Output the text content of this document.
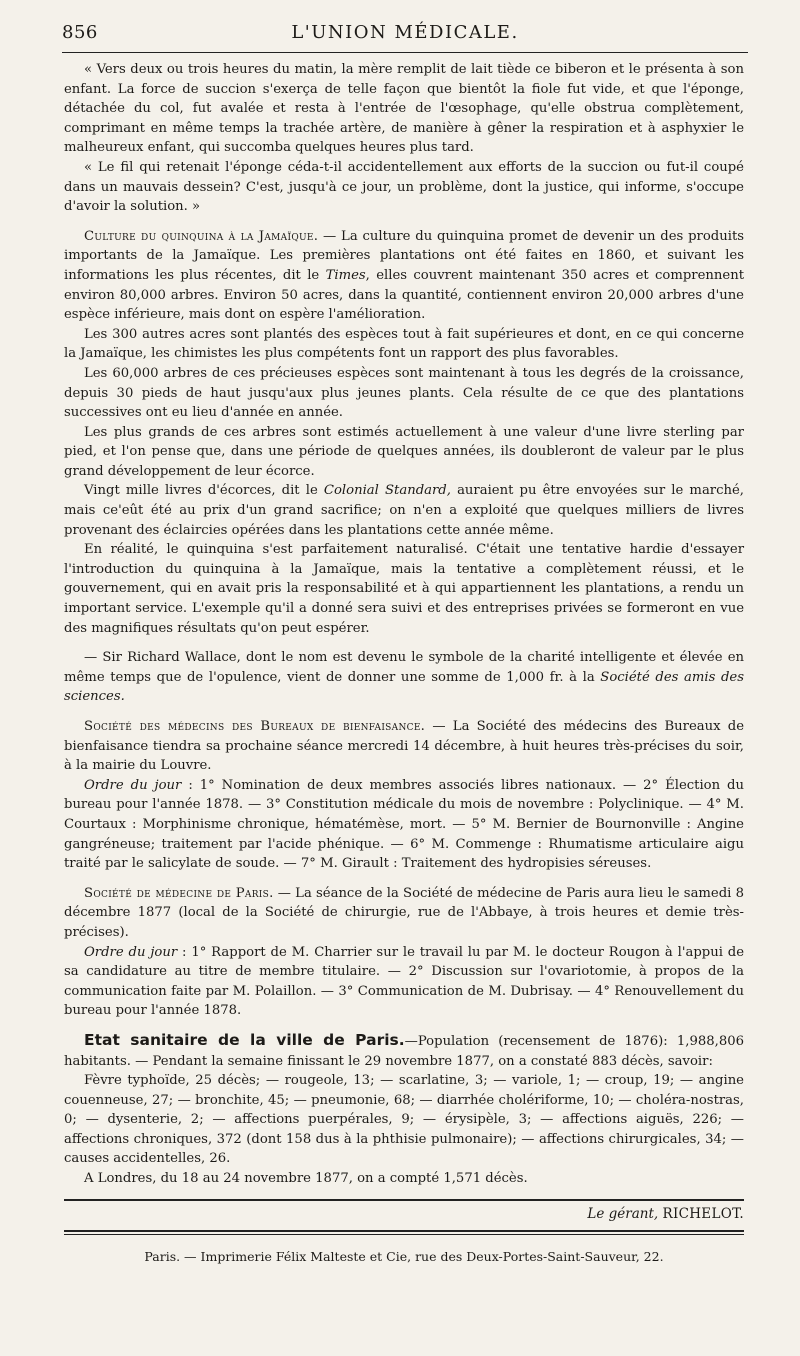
856	L'UNION MÉDICALE.

« Vers deux ou trois heures du matin, la mère remplit de lait tiède ce biberon et le présenta à son enfant. La force de succion s'exerça de telle façon que bientôt la fiole fut vide, et que l'éponge, détachée du col, fut avalée et resta à l'entrée de l'œsophage, qu'elle obstrua complètement, comprimant en même temps la trachée artère, de manière à gêner la respiration et à asphyxier le malheureux enfant, qui succomba quelques heures plus tard.

« Le fil qui retenait l'éponge céda-t-il accidentellement aux efforts de la succion ou fut-il coupé dans un mauvais dessein? C'est, jusqu'à ce jour, un problème, dont la justice, qui informe, s'occupe d'avoir la solution. »

Culture du quinquina à la Jamaïque. — La culture du quinquina promet de devenir un des produits importants de la Jamaïque. Les premières plantations ont été faites en 1860, et suivant les informations les plus récentes, dit le Times, elles couvrent maintenant 350 acres et comprennent environ 80,000 arbres. Environ 50 acres, dans la quantité, contiennent environ 20,000 arbres d'une espèce inférieure, mais dont on espère l'amélioration.

Les 300 autres acres sont plantés des espèces tout à fait supérieures et dont, en ce qui concerne la Jamaïque, les chimistes les plus compétents font un rapport des plus favorables.

Les 60,000 arbres de ces précieuses espèces sont maintenant à tous les degrés de la croissance, depuis 30 pieds de haut jusqu'aux plus jeunes plants. Cela résulte de ce que des plantations successives ont eu lieu d'année en année.

Les plus grands de ces arbres sont estimés actuellement à une valeur d'une livre sterling par pied, et l'on pense que, dans une période de quelques années, ils doubleront de valeur par le plus grand développement de leur écorce.

Vingt mille livres d'écorces, dit le Colonial Standard, auraient pu être envoyées sur le marché, mais ce'eût été au prix d'un grand sacrifice; on n'en a exploité que quelques milliers de livres provenant des éclaircies opérées dans les plantations cette année même.

En réalité, le quinquina s'est parfaitement naturalisé. C'était une tentative hardie d'essayer l'introduction du quinquina à la Jamaïque, mais la tentative a complètement réussi, et le gouvernement, qui en avait pris la responsabilité et à qui appartiennent les plantations, a rendu un important service. L'exemple qu'il a donné sera suivi et des entreprises privées se formeront en vue des magnifiques résultats qu'on peut espérer.

— Sir Richard Wallace, dont le nom est devenu le symbole de la charité intelligente et élevée en même temps que de l'opulence, vient de donner une somme de 1,000 fr. à la Société des amis des sciences.

Société des médecins des Bureaux de bienfaisance. — La Société des médecins des Bureaux de bienfaisance tiendra sa prochaine séance mercredi 14 décembre, à huit heures très-précises du soir, à la mairie du Louvre.

Ordre du jour : 1° Nomination de deux membres associés libres nationaux. — 2° Élection du bureau pour l'année 1878. — 3° Constitution médicale du mois de novembre : Polyclinique. — 4° M. Courtaux : Morphinisme chronique, hématémèse, mort. — 5° M. Bernier de Bournonville : Angine gangréneuse; traitement par l'acide phénique. — 6° M. Commenge : Rhumatisme articulaire aigu traité par le salicylate de soude. — 7° M. Girault : Traitement des hydropisies séreuses.

Société de médecine de Paris. — La séance de la Société de médecine de Paris aura lieu le samedi 8 décembre 1877 (local de la Société de chirurgie, rue de l'Abbaye, à trois heures et demie très-précises).

Ordre du jour : 1° Rapport de M. Charrier sur le travail lu par M. le docteur Rougon à l'appui de sa candidature au titre de membre titulaire. — 2° Discussion sur l'ovariotomie, à propos de la communication faite par M. Polaillon. — 3° Communication de M. Dubrisay. — 4° Renouvellement du bureau pour l'année 1878.

Etat sanitaire de la ville de Paris.—Population (recensement de 1876): 1,988,806 habitants. — Pendant la semaine finissant le 29 novembre 1877, on a constaté 883 décès, savoir:

Fèvre typhoïde, 25 décès; — rougeole, 13; — scarlatine, 3; — variole, 1; — croup, 19; — angine couenneuse, 27; — bronchite, 45; — pneumonie, 68; — diarrhée cholériforme, 10; — choléra-nostras, 0; — dysenterie, 2; — affections puerpérales, 9; — érysipèle, 3; — affections aiguës, 226; — affections chroniques, 372 (dont 158 dus à la phthisie pulmonaire); — affections chirurgicales, 34; — causes accidentelles, 26.

A Londres, du 18 au 24 novembre 1877, on a compté 1,571 décès.

Le gérant, RICHELOT.
Paris. — Imprimerie Félix Malteste et Cie, rue des Deux-Portes-Saint-Sauveur, 22.
